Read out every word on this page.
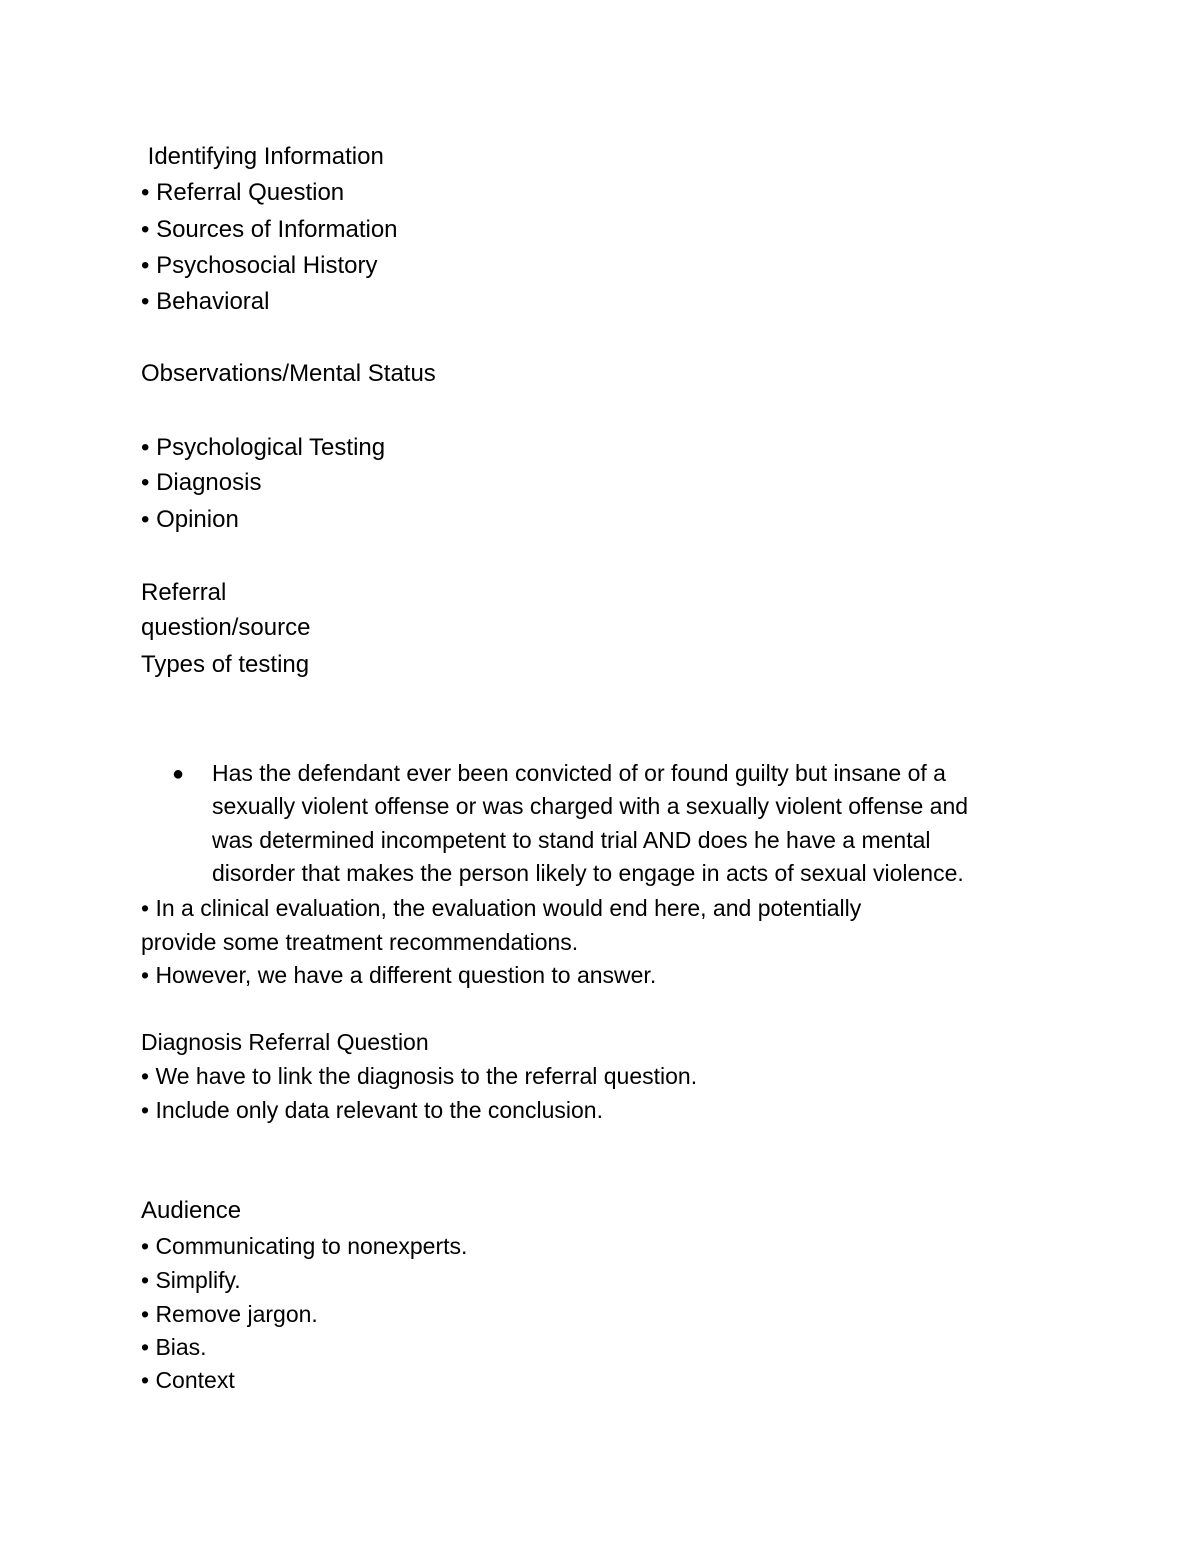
Identifying Information
• Referral Question
• Sources of Information
• Psychosocial History
• Behavioral
Observations/Mental Status
• Psychological Testing
• Diagnosis
• Opinion
Referral
question/source
Types of testing
● Has the defendant ever been convicted of or found guilty but insane of a
sexually violent offense or was charged with a sexually violent offense and
was determined incompetent to stand trial AND does he have a mental
disorder that makes the person likely to engage in acts of sexual violence.
• In a clinical evaluation, the evaluation would end here, and potentially
provide some treatment recommendations.
• However, we have a different question to answer.
Diagnosis Referral Question
• We have to link the diagnosis to the referral question.
• Include only data relevant to the conclusion.
Audience
• Communicating to nonexperts.
• Simplify.
• Remove jargon.
• Bias.
• Context
